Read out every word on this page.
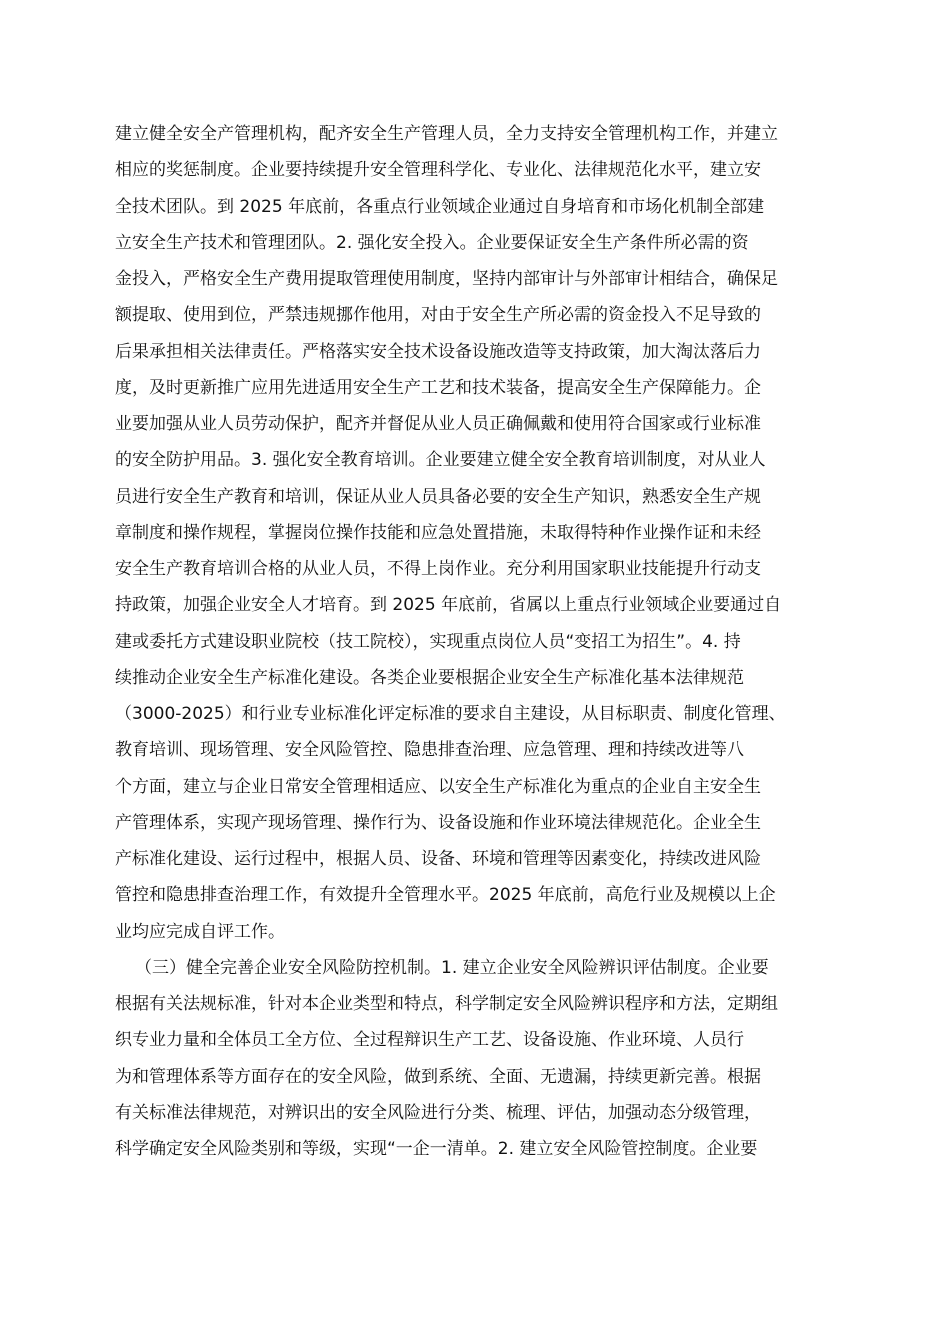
建立健全安全产管理机构，配齐安全生产管理人员，全力支持安全管理机构工作，并建立
相应的奖惩制度。企业要持续提升安全管理科学化、专业化、法律规范化水平，建立安
全技术团队。到 2025 年底前，各重点行业领域企业通过自身培育和市场化机制全部建
立安全生产技术和管理团队。2. 强化安全投入。企业要保证安全生产条件所必需的资
金投入，严格安全生产费用提取管理使用制度，坚持内部审计与外部审计相结合，确保足
额提取、使用到位，严禁违规挪作他用，对由于安全生产所必需的资金投入不足导致的
后果承担相关法律责任。严格落实安全技术设备设施改造等支持政策，加大淘汰落后力
度，及时更新推广应用先进适用安全生产工艺和技术装备，提高安全生产保障能力。企
业要加强从业人员劳动保护，配齐并督促从业人员正确佩戴和使用符合国家或行业标准
的安全防护用品。3. 强化安全教育培训。企业要建立健全安全教育培训制度，对从业人
员进行安全生产教育和培训，保证从业人员具备必要的安全生产知识，熟悉安全生产规
章制度和操作规程，掌握岗位操作技能和应急处置措施，未取得特种作业操作证和未经
安全生产教育培训合格的从业人员，不得上岗作业。充分利用国家职业技能提升行动支
持政策，加强企业安全人才培育。到 2025 年底前，省属以上重点行业领域企业要通过自
建或委托方式建设职业院校（技工院校），实现重点岗位人员“变招工为招生”。4. 持
续推动企业安全生产标准化建设。各类企业要根据企业安全生产标准化基本法律规范
（3000-2025）和行业专业标准化评定标准的要求自主建设，从目标职责、制度化管理、
教育培训、现场管理、安全风险管控、隐患排查治理、应急管理、理和持续改进等八
个方面，建立与企业日常安全管理相适应、以安全生产标准化为重点的企业自主安全生
产管理体系，实现产现场管理、操作行为、设备设施和作业环境法律规范化。企业全生
产标准化建设、运行过程中，根据人员、设备、环境和管理等因素变化，持续改进风险
管控和隐患排查治理工作，有效提升全管理水平。2025 年底前，高危行业及规模以上企
业均应完成自评工作。
（三）健全完善企业安全风险防控机制。1. 建立企业安全风险辨识评估制度。企业要
根据有关法规标准，针对本企业类型和特点，科学制定安全风险辨识程序和方法，定期组
织专业力量和全体员工全方位、全过程辩识生产工艺、设备设施、作业环境、人员行
为和管理体系等方面存在的安全风险，做到系统、全面、无遗漏，持续更新完善。根据
有关标准法律规范，对辨识出的安全风险进行分类、梳理、评估，加强动态分级管理，
科学确定安全风险类别和等级，实现“一企一清单。2. 建立安全风险管控制度。企业要
